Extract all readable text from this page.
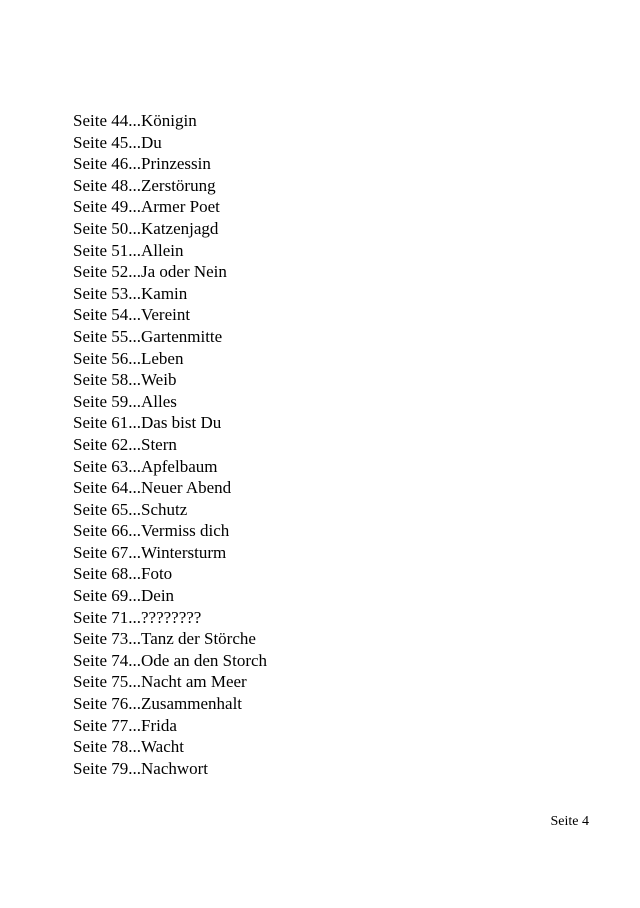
Seite 44...Königin
Seite 45...Du
Seite 46...Prinzessin
Seite 48...Zerstörung
Seite 49...Armer Poet
Seite 50...Katzenjagd
Seite 51...Allein
Seite 52...Ja oder Nein
Seite 53...Kamin
Seite 54...Vereint
Seite 55...Gartenmitte
Seite 56...Leben
Seite 58...Weib
Seite 59...Alles
Seite 61...Das bist Du
Seite 62...Stern
Seite 63...Apfelbaum
Seite 64...Neuer Abend
Seite 65...Schutz
Seite 66...Vermiss dich
Seite 67...Wintersturm
Seite 68...Foto
Seite 69...Dein
Seite 71...????????
Seite 73...Tanz der Störche
Seite 74...Ode an den Storch
Seite 75...Nacht am Meer
Seite 76...Zusammenhalt
Seite 77...Frida
Seite 78...Wacht
Seite 79...Nachwort
Seite 4
